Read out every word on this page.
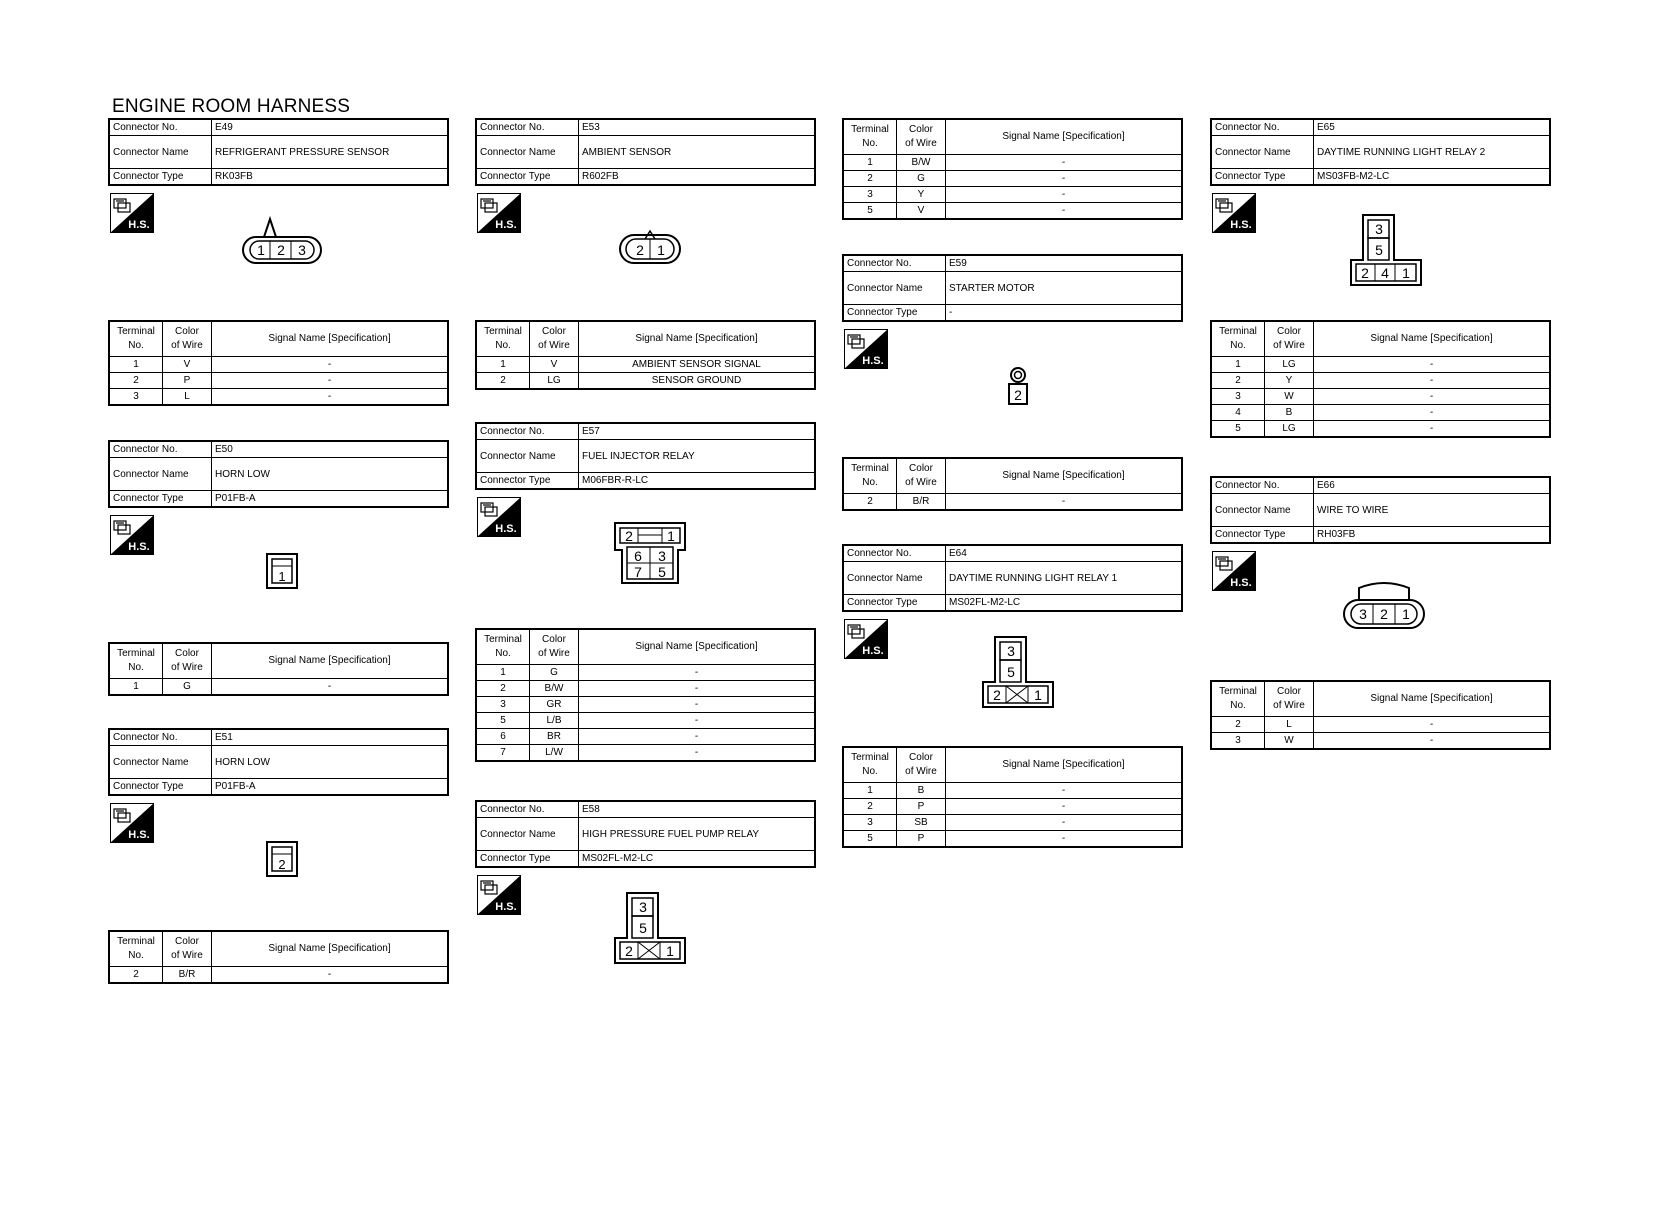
ENGINE ROOM HARNESS
Connector No.	E49
Connector Name	REFRIGERANT PRESSURE SENSOR
Connector Type	RK03FB
H.S.
1 2 3
Terminal
No.	Color
of Wire	Signal Name [Specification]
1	V	-
2	P	-
3	L	-
Connector No.	E50
Connector Name	HORN LOW
Connector Type	P01FB-A
H.S.
1
Terminal
No.	Color
of Wire	Signal Name [Specification]
1	G	-
Connector No.	E51
Connector Name	HORN LOW
Connector Type	P01FB-A
H.S.
2
Terminal
No.	Color
of Wire	Signal Name [Specification]
2	B/R	-
Connector No.	E53
Connector Name	AMBIENT SENSOR
Connector Type	R602FB
H.S.
2 1
Terminal
No.	Color
of Wire	Signal Name [Specification]
1	V	AMBIENT SENSOR SIGNAL
2	LG	SENSOR GROUND
Connector No.	E57
Connector Name	FUEL INJECTOR RELAY
Connector Type	M06FBR-R-LC
H.S.	2 1
6 3
7 5
Terminal
No.	Color
of Wire	Signal Name [Specification]
1	G	-
2	B/W	-
3	GR	-
5	L/B	-
6	BR	-
7	L/W	-
Connector No.	E58
Connector Name	HIGH PRESSURE FUEL PUMP RELAY
Connector Type	MS02FL-M2-LC
H.S.	3
5
2 1
Terminal
No.	Color
of Wire	Signal Name [Specification]
1	B/W	-
2	G	-
3	Y	-
5	V	-
Connector No.	E59
Connector Name	STARTER MOTOR
Connector Type	-
H.S.
2
Terminal
No.	Color
of Wire	Signal Name [Specification]
2	B/R	-
Connector No.	E64
Connector Name	DAYTIME RUNNING LIGHT RELAY 1
Connector Type	MS02FL-M2-LC
H.S.	3
5
2 1
Terminal
No.	Color
of Wire	Signal Name [Specification]
1	B	-
2	P	-
3	SB	-
5	P	-
Connector No.	E65
Connector Name	DAYTIME RUNNING LIGHT RELAY 2
Connector Type	MS03FB-M2-LC
H.S.	3
5
2 4 1
Terminal
No.	Color
of Wire	Signal Name [Specification]
1	LG	-
2	Y	-
3	W	-
4	B	-
5	LG	-
Connector No.	E66
Connector Name	WIRE TO WIRE
Connector Type	RH03FB
H.S.
3 2 1
Terminal
No.	Color
of Wire	Signal Name [Specification]
2	L	-
3	W	-
